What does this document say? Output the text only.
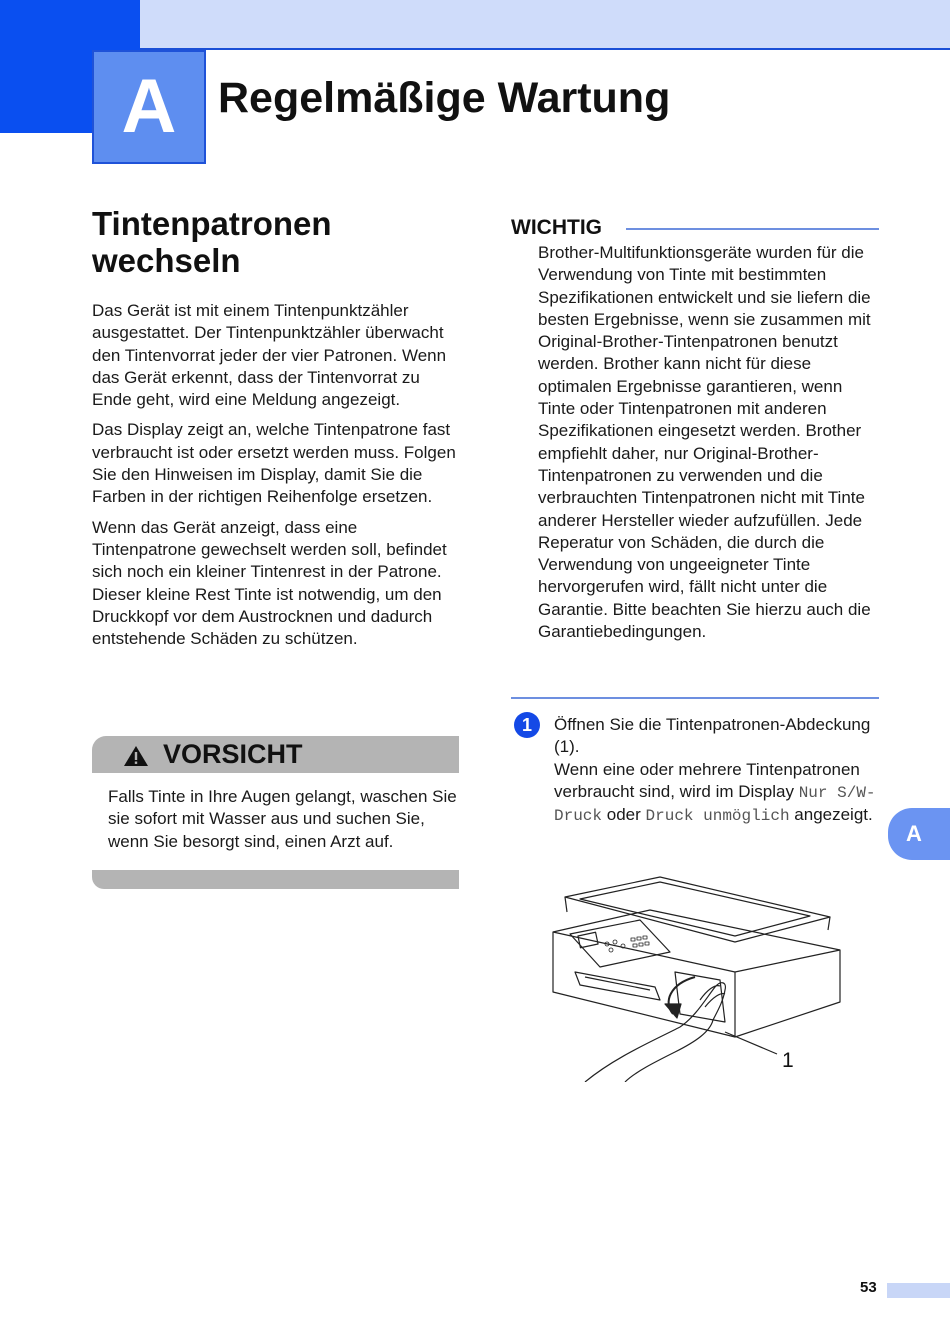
A Regelmäßige Wartung
Tintenpatronen wechseln

Das Gerät ist mit einem Tintenpunktzähler ausgestattet. Der Tintenpunktzähler überwacht den Tintenvorrat jeder der vier Patronen. Wenn das Gerät erkennt, dass der Tintenvorrat zu Ende geht, wird eine Meldung angezeigt.

Das Display zeigt an, welche Tintenpatrone fast verbraucht ist oder ersetzt werden muss. Folgen Sie den Hinweisen im Display, damit Sie die Farben in der richtigen Reihenfolge ersetzen.

Wenn das Gerät anzeigt, dass eine Tintenpatrone gewechselt werden soll, befindet sich noch ein kleiner Tintenrest in der Patrone. Dieser kleine Rest Tinte ist notwendig, um den Druckkopf vor dem Austrocknen und dadurch entstehende Schäden zu schützen.

VORSICHT
Falls Tinte in Ihre Augen gelangt, waschen Sie sie sofort mit Wasser aus und suchen Sie, wenn Sie besorgt sind, einen Arzt auf.
WICHTIG
Brother-Multifunktionsgeräte wurden für die Verwendung von Tinte mit bestimmten Spezifikationen entwickelt und sie liefern die besten Ergebnisse, wenn sie zusammen mit Original-Brother-Tintenpatronen benutzt werden. Brother kann nicht für diese optimalen Ergebnisse garantieren, wenn Tinte oder Tintenpatronen mit anderen Spezifikationen eingesetzt werden. Brother empfiehlt daher, nur Original-Brother-Tintenpatronen zu verwenden und die verbrauchten Tintenpatronen nicht mit Tinte anderer Hersteller wieder aufzufüllen. Jede Reperatur von Schäden, die durch die Verwendung von ungeeigneter Tinte hervorgerufen wird, fällt nicht unter die Garantie. Bitte beachten Sie hierzu auch die Garantiebedingungen.
1	Öffnen Sie die Tintenpatronen-Abdeckung (1).
Wenn eine oder mehrere Tintenpatronen verbraucht sind, wird im Display Nur S/W-Druck oder Druck unmöglich angezeigt.
A
1
53
